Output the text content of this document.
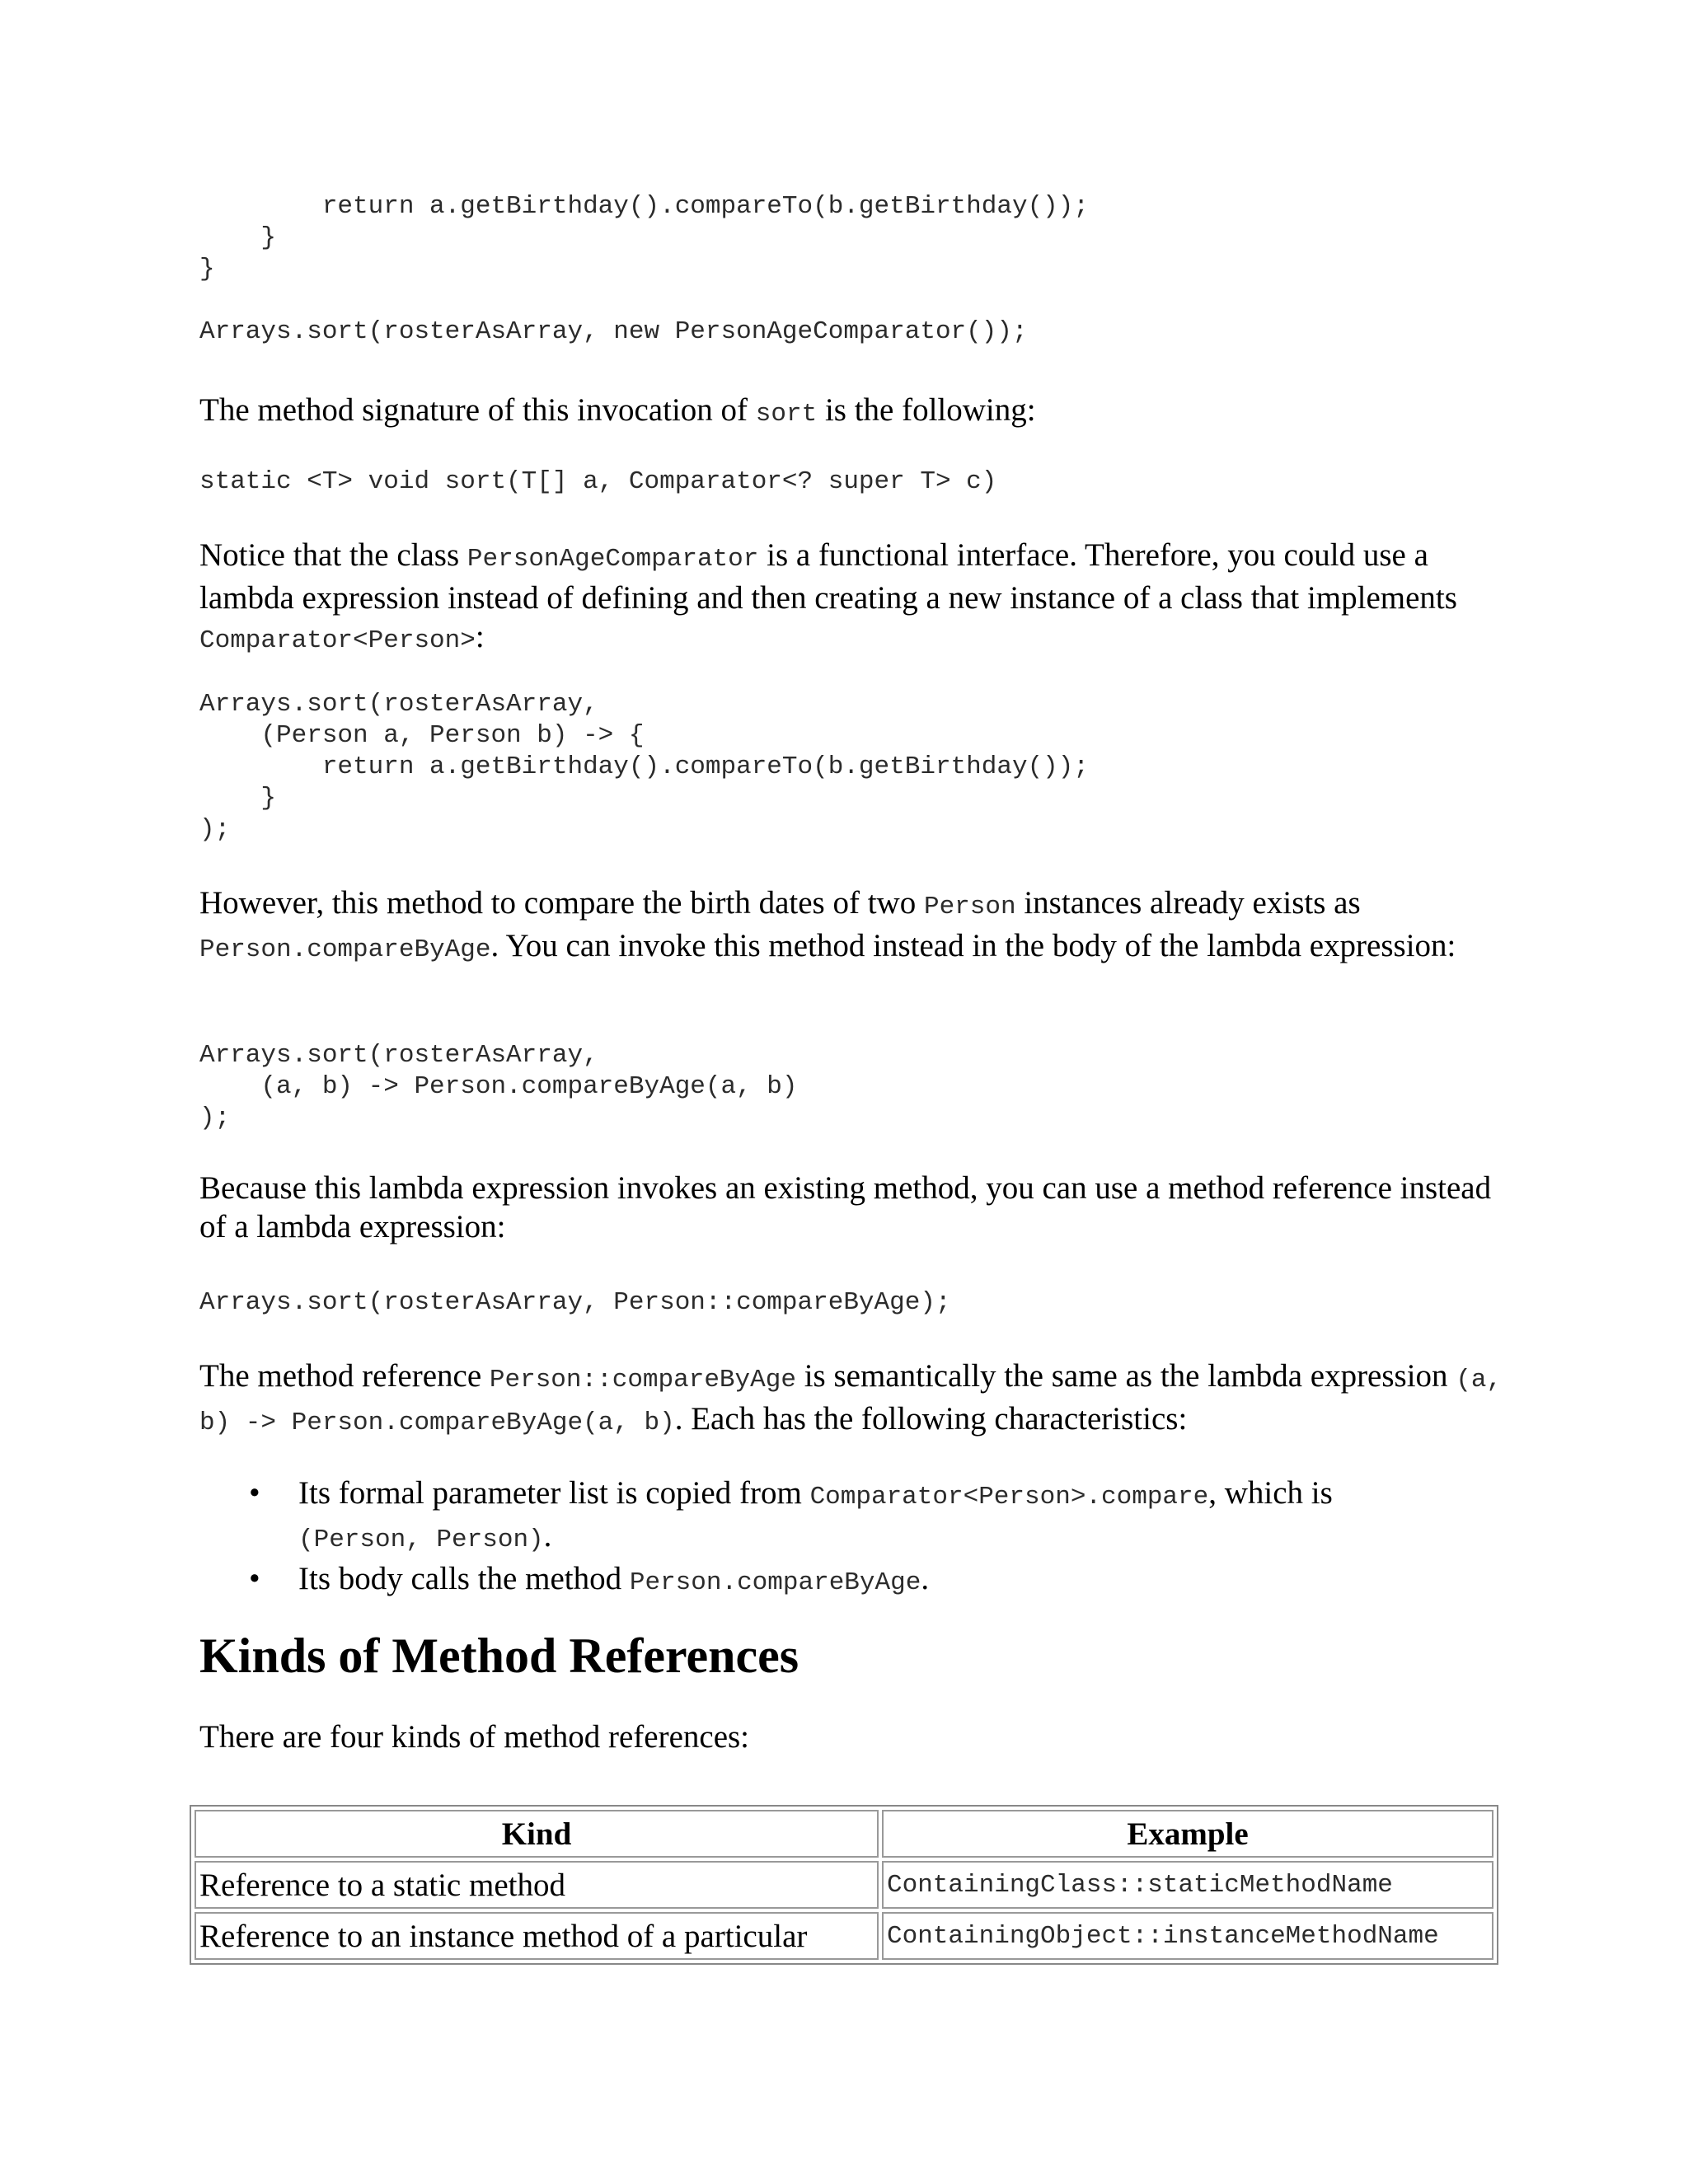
return a.getBirthday().compareTo(b.getBirthday());
}
}

Arrays.sort(rosterAsArray, new PersonAgeComparator());

The method signature of this invocation of sort is the following:

static <T> void sort(T[] a, Comparator<? super T> c)

Notice that the class PersonAgeComparator is a functional interface. Therefore, you could use a lambda expression instead of defining and then creating a new instance of a class that implements Comparator<Person>:

Arrays.sort(rosterAsArray,
(Person a, Person b) -> {
return a.getBirthday().compareTo(b.getBirthday());
}
);

However, this method to compare the birth dates of two Person instances already exists as Person.compareByAge. You can invoke this method instead in the body of the lambda expression:

Arrays.sort(rosterAsArray,
(a, b) -> Person.compareByAge(a, b)
);

Because this lambda expression invokes an existing method, you can use a method reference instead of a lambda expression:

Arrays.sort(rosterAsArray, Person::compareByAge);

The method reference Person::compareByAge is semantically the same as the lambda expression (a, b) -> Person.compareByAge(a, b). Each has the following characteristics:

• Its formal parameter list is copied from Comparator<Person>.compare, which is
(Person, Person).
• Its body calls the method Person.compareByAge.
Kinds of Method References

There are four kinds of method references:

Kind	Example
Reference to a static method	ContainingClass::staticMethodName
Reference to an instance method of a particular	ContainingObject::instanceMethodName
